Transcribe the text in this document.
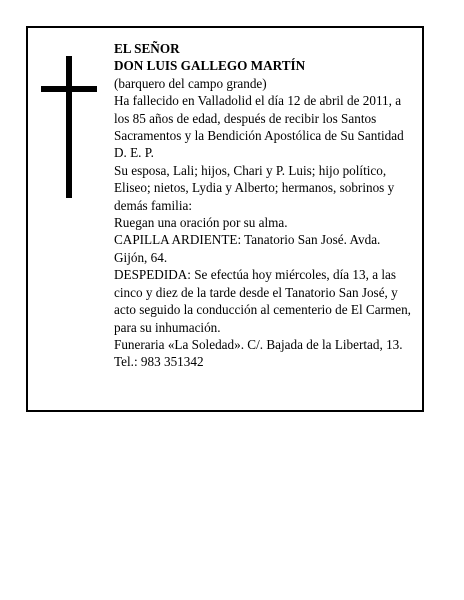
EL SEÑOR
DON LUIS GALLEGO MARTÍN
(barquero del campo grande)
Ha fallecido en Valladolid el día 12 de abril de 2011, a los 85 años de edad, después de recibir los Santos Sacramentos y la Bendición Apostólica de Su Santidad D. E. P.
Su esposa, Lali; hijos, Chari y P. Luis; hijo político, Eliseo; nietos, Lydia y Alberto; hermanos, sobrinos y demás familia:
Ruegan una oración por su alma.
CAPILLA ARDIENTE: Tanatorio San José. Avda. Gijón, 64.
DESPEDIDA: Se efectúa hoy miércoles, día 13, a las cinco y diez de la tarde desde el Tanatorio San José, y acto seguido la conducción al cementerio de El Carmen, para su inhumación.
Funeraria «La Soledad». C/. Bajada de la Libertad, 13. Tel.: 983 351342
